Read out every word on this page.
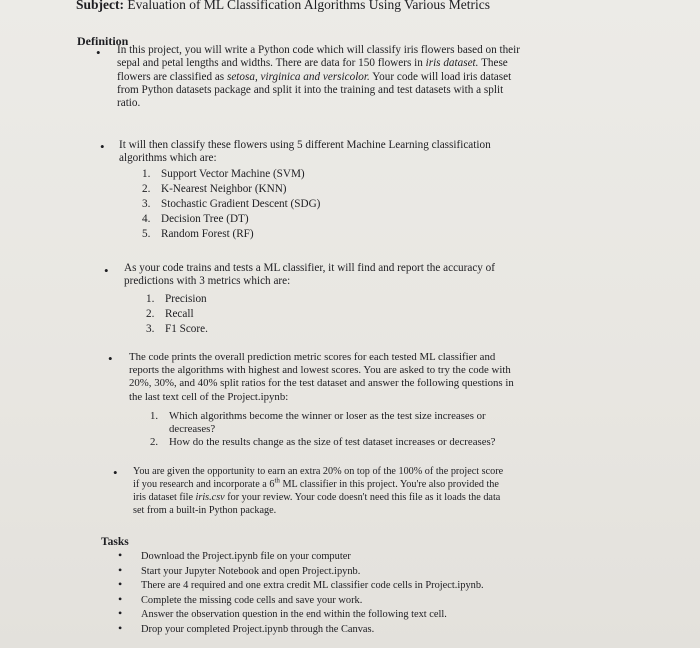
Subject: Evaluation of ML Classification Algorithms Using Various Metrics
Definition
• In this project, you will write a Python code which will classify iris flowers based on their
sepal and petal lengths and widths. There are data for 150 flowers in iris dataset. These
flowers are classified as setosa, virginica and versicolor. Your code will load iris dataset
from Python datasets package and split it into the training and test datasets with a split
ratio.
• It will then classify these flowers using 5 different Machine Learning classification
algorithms which are:
1. Support Vector Machine (SVM)
2. K-Nearest Neighbor (KNN)
3. Stochastic Gradient Descent (SDG)
4. Decision Tree (DT)
5. Random Forest (RF)
• As your code trains and tests a ML classifier, it will find and report the accuracy of
predictions with 3 metrics which are:
1. Precision
2. Recall
3. F1 Score.
• The code prints the overall prediction metric scores for each tested ML classifier and
reports the algorithms with highest and lowest scores. You are asked to try the code with
20%, 30%, and 40% split ratios for the test dataset and answer the following questions in
the last text cell of the Project.ipynb:
1. Which algorithms become the winner or loser as the test size increases or
decreases?
2. How do the results change as the size of test dataset increases or decreases?
• You are given the opportunity to earn an extra 20% on top of the 100% of the project score
if you research and incorporate a 6th ML classifier in this project. You're also provided the
iris dataset file iris.csv for your review. Your code doesn't need this file as it loads the data
set from a built-in Python package.
Tasks
• Download the Project.ipynb file on your computer
• Start your Jupyter Notebook and open Project.ipynb.
• There are 4 required and one extra credit ML classifier code cells in Project.ipynb.
• Complete the missing code cells and save your work.
• Answer the observation question in the end within the following text cell.
• Drop your completed Project.ipynb through the Canvas.
